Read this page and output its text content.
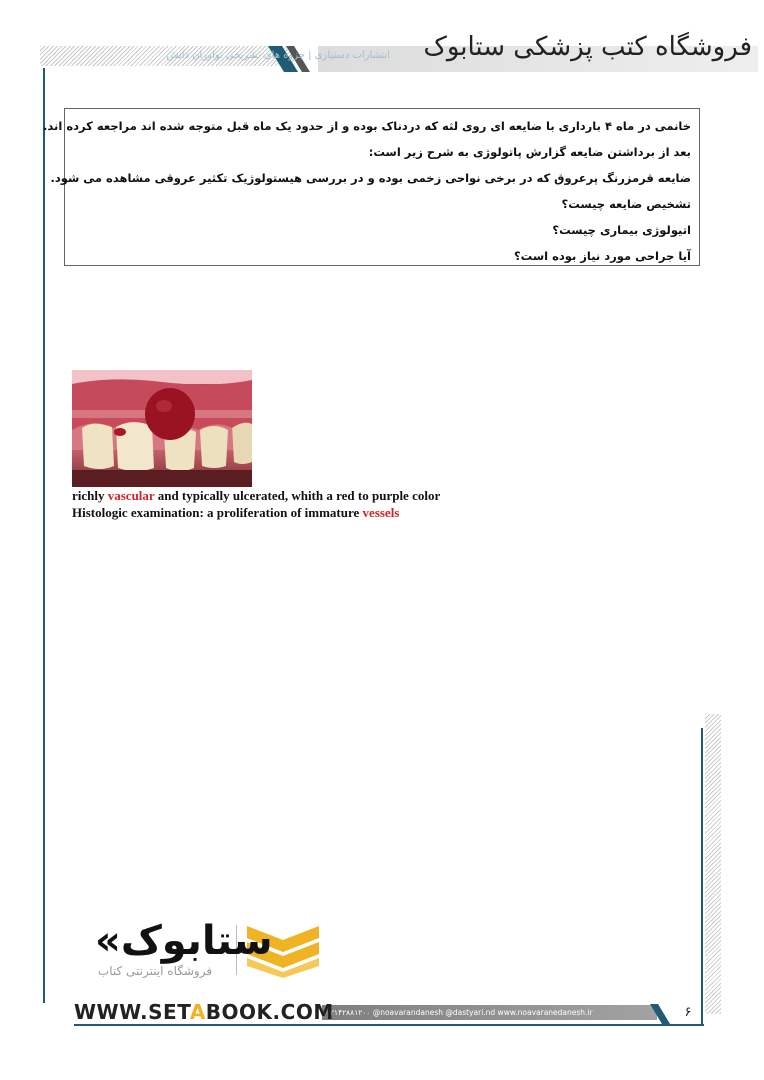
انتشارات دستیاری | جزوه های تشریحی نوآوران دانش	فروشگاه کتب پزشکی ستابوک
خانمی در ماه ۴ بارداری با ضایعه ای روی لثه که دردناک بوده و از حدود یک ماه قبل متوجه شده اند مراجعه کرده اند.
بعد از برداشتن ضایعه گزارش پاتولوژی به شرح زیر است:
ضایعه قرمزرنگ پرعروق که در برخی نواحی زخمی بوده و در بررسی هیستولوژیک تکثیر عروقی مشاهده می شود.
تشخیص ضایعه چیست؟
اتیولوژی بیماری چیست؟
آیا جراحی مورد نیاز بوده است؟
richly vascular and typically ulcerated, whith a red to purple color
Histologic examination: a proliferation of immature vessels
«ستابوک
فروشگاه اینترنتی کتاب
۰۲۱۴۲۸۸۱۲۰۰ @noavarandanesh @dastyari.nd www.noavaranedanesh.ir
WWW.SETABOOK.COM	۶
